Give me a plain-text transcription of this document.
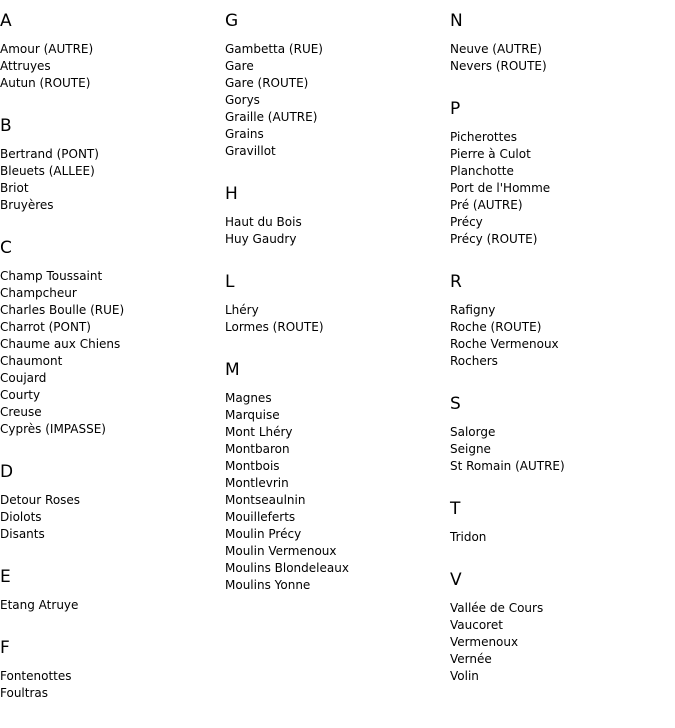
A
Amour (AUTRE)
Attruyes
Autun (ROUTE)
B
Bertrand (PONT)
Bleuets (ALLEE)
Briot
Bruyères
C
Champ Toussaint
Champcheur
Charles Boulle (RUE)
Charrot (PONT)
Chaume aux Chiens
Chaumont
Coujard
Courty
Creuse
Cyprès (IMPASSE)
D
Detour Roses
Diolots
Disants
E
Etang Atruye
F
Fontenottes
Foultras
G
Gambetta (RUE)
Gare
Gare (ROUTE)
Gorys
Graille (AUTRE)
Grains
Gravillot
H
Haut du Bois
Huy Gaudry
L
Lhéry
Lormes (ROUTE)
M
Magnes
Marquise
Mont Lhéry
Montbaron
Montbois
Montlevrin
Montseaulnin
Mouilleferts
Moulin Précy
Moulin Vermenoux
Moulins Blondeleaux
Moulins Yonne
N
Neuve (AUTRE)
Nevers (ROUTE)
P
Picherottes
Pierre à Culot
Planchotte
Port de l'Homme
Pré (AUTRE)
Précy
Précy (ROUTE)
R
Rafigny
Roche (ROUTE)
Roche Vermenoux
Rochers
S
Salorge
Seigne
St Romain (AUTRE)
T
Tridon
V
Vallée de Cours
Vaucoret
Vermenoux
Vernée
Volin
